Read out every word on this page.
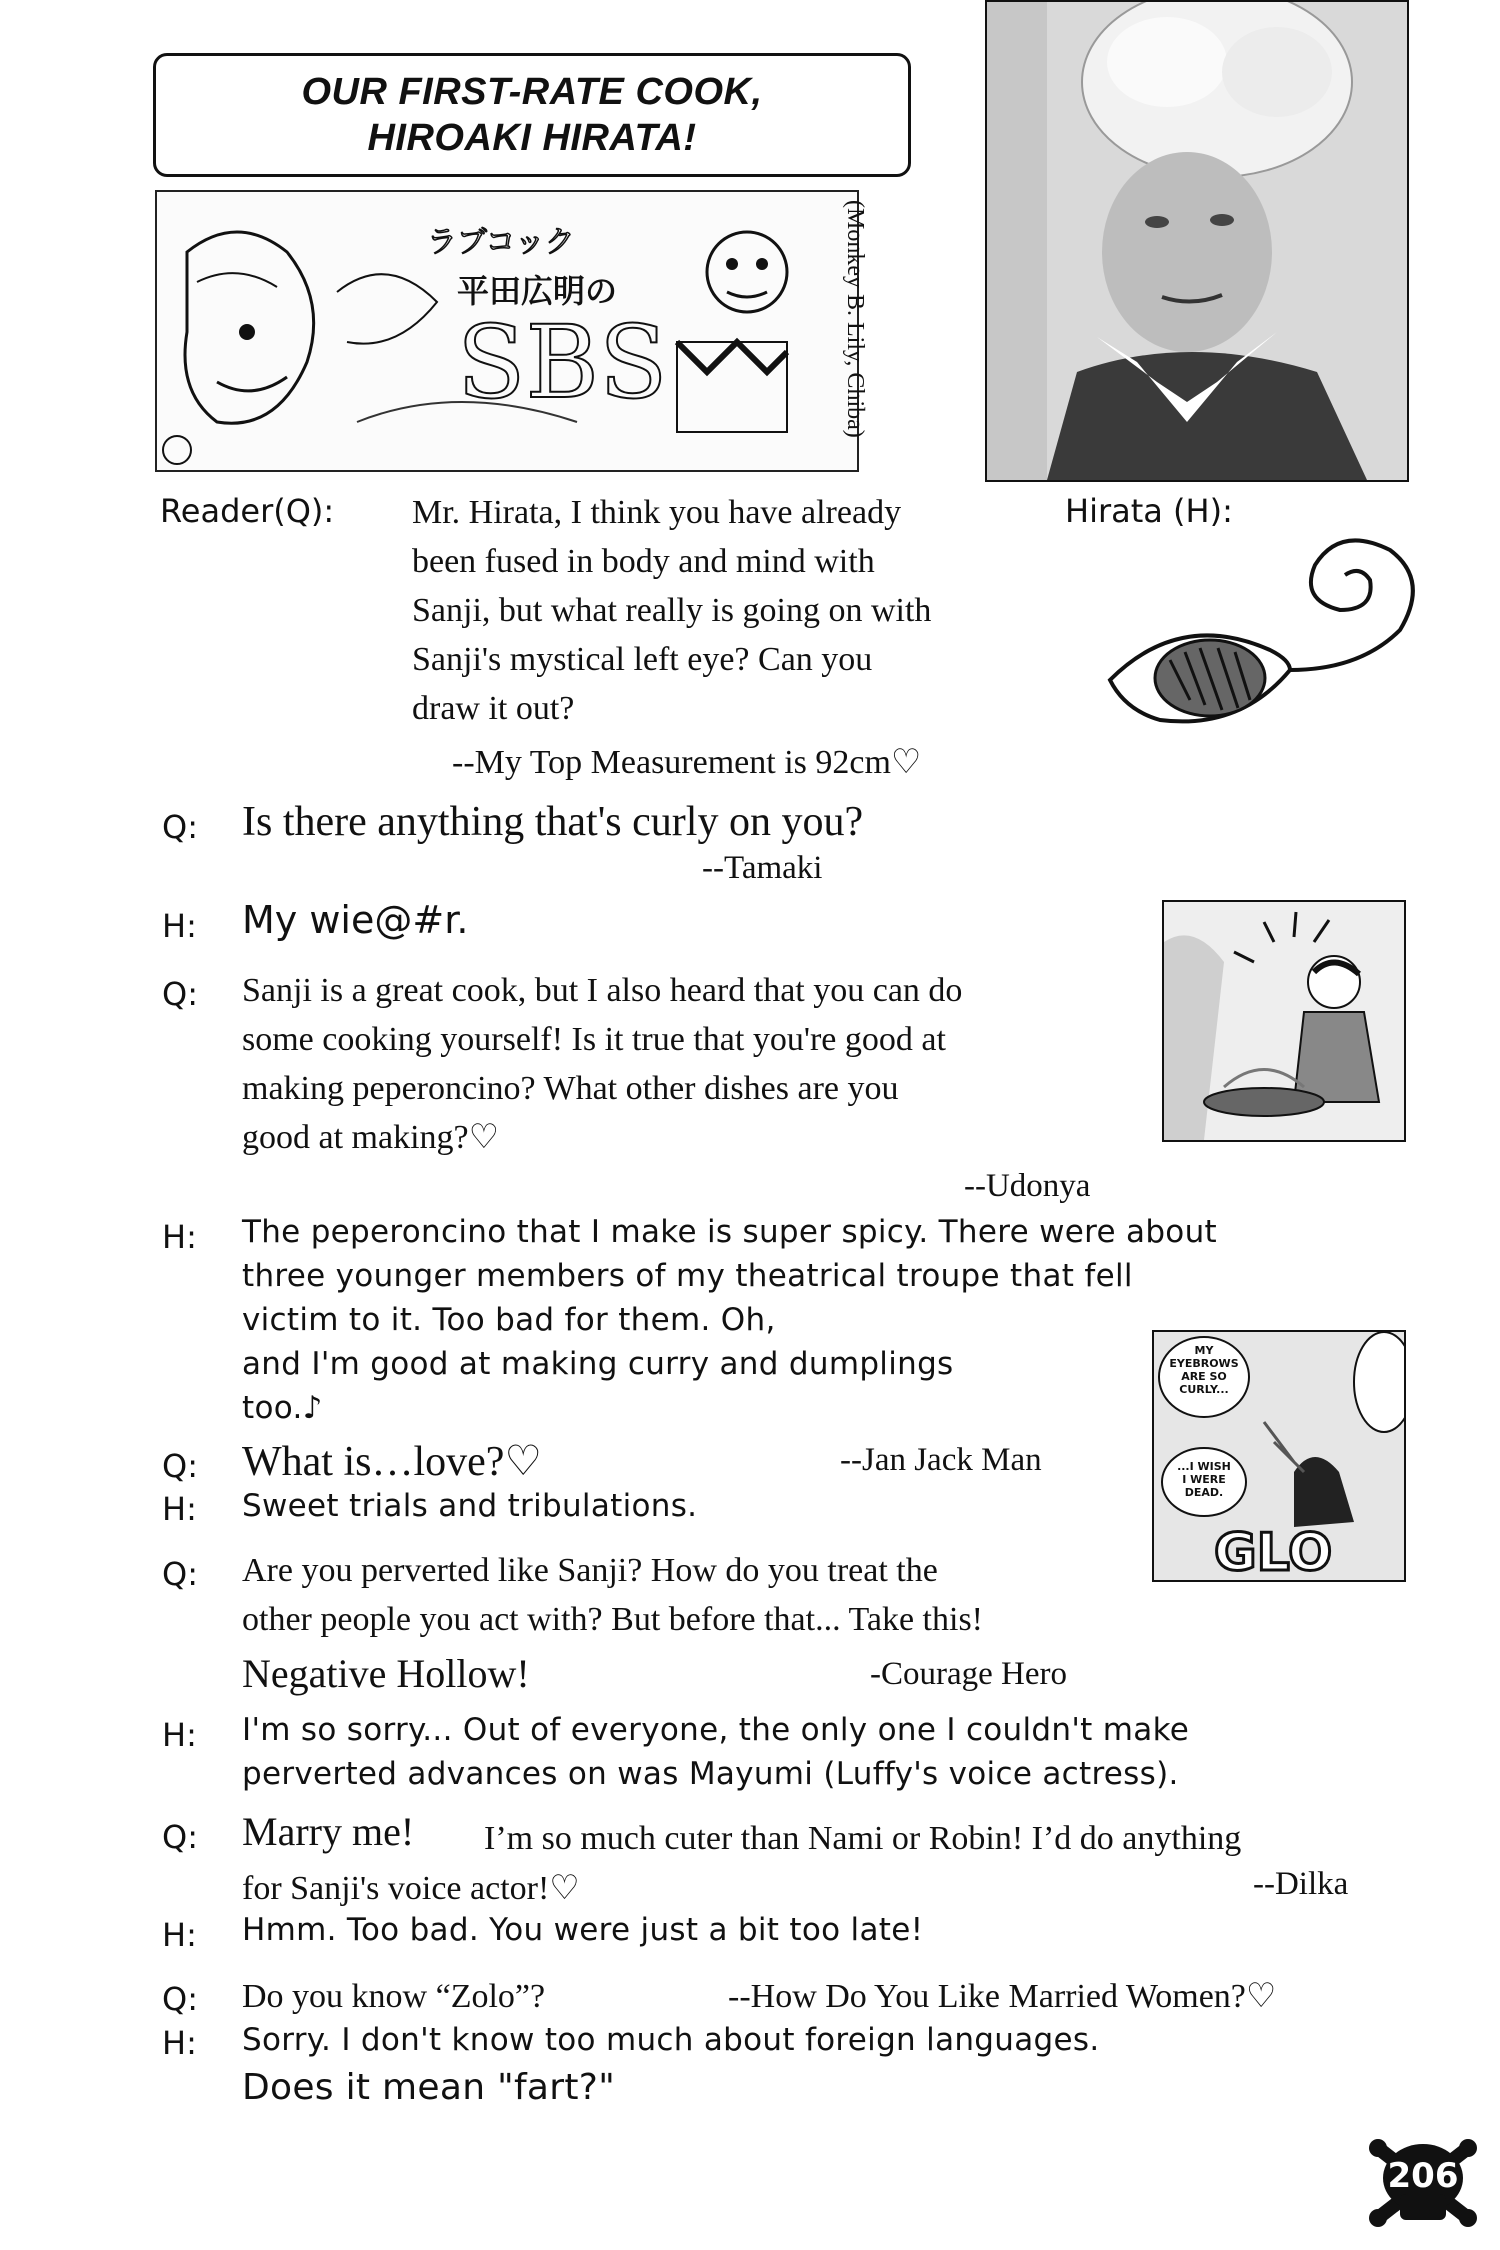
OUR FIRST-RATE COOK,
HIROAKI HIRATA!
ラブコック
平田広明の
SBS	(Monkey B. Lily, Chiba)
Reader(Q): Mr. Hirata, I think you have already
been fused in body and mind with
Sanji, but what really is going on with
Sanji's mystical left eye? Can you
draw it out?
--My Top Measurement is 92cm♡
Hirata (H):
Q: Is there anything that's curly on you?
--Tamaki
H: My wie@#r.
Q: Sanji is a great cook, but I also heard that you can do
some cooking yourself! Is it true that you're good at
making peperoncino? What other dishes are you
good at making?♡
--Udonya
H: The peperoncino that I make is super spicy. There were about
three younger members of my theatrical troupe that fell
victim to it. Too bad for them. Oh,
and I'm good at making curry and dumplings
too.♪
GLO
MY
EYEBROWS
ARE SO
CURLY...
...I WISH
I WERE
DEAD.
Q: What is…love?♡	--Jan Jack Man
H: Sweet trials and tribulations.
Q: Are you perverted like Sanji? How do you treat the
other people you act with? But before that... Take this!
Negative Hollow!	-Courage Hero
H: I'm so sorry... Out of everyone, the only one I couldn't make
perverted advances on was Mayumi (Luffy's voice actress).
Q: Marry me! I’m so much cuter than Nami or Robin! I’d do anything
for Sanji's voice actor!♡	--Dilka
H: Hmm. Too bad. You were just a bit too late!
Q: Do you know “Zolo”?	--How Do You Like Married Women?♡
H: Sorry. I don't know too much about foreign languages.
Does it mean "fart?"
206
